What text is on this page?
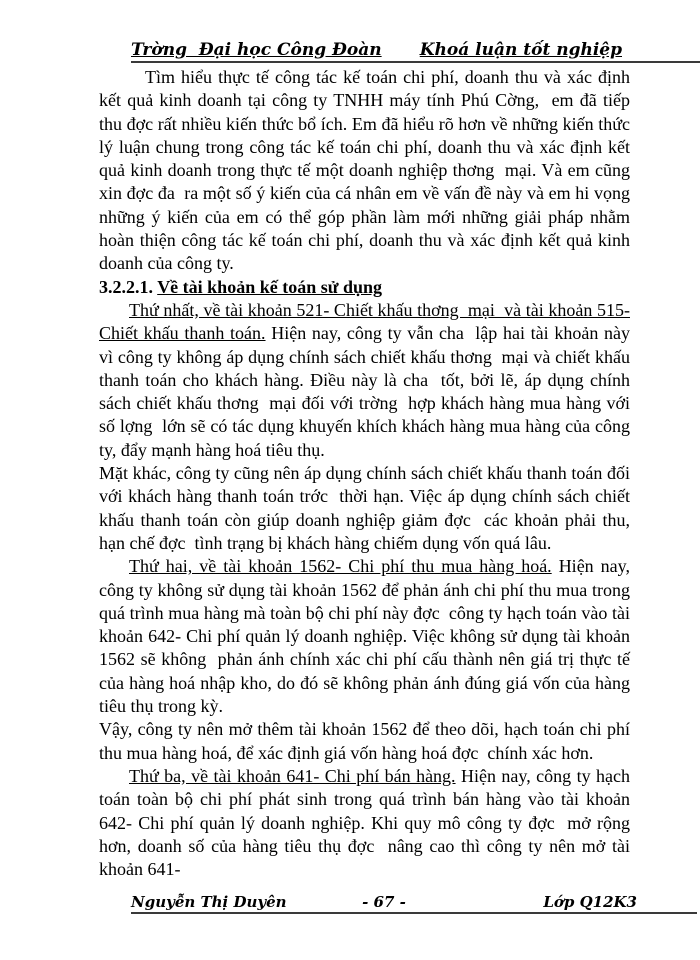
Trờng  Đại học Công Đoàn Khoá luận tốt nghiệp

Tìm hiểu thực tế công tác kế toán chi phí, doanh thu và xác định kết quả kinh doanh tại công ty TNHH máy tính Phú Cờng,  em đã tiếp thu đợc rất nhiều kiến thức bổ ích. Em đã hiểu rõ hơn về những kiến thức lý luận chung trong công tác kế toán chi phí, doanh thu và xác định kết quả kinh doanh trong thực tế một doanh nghiệp thơng  mại. Và em cũng xin đợc đa  ra một số ý kiến của cá nhân em về vấn đề này và em hi vọng những ý kiến của em có thể góp phần làm mới những giải pháp nhằm hoàn thiện công tác kế toán chi phí, doanh thu và xác định kết quả kinh doanh của công ty.

3.2.2.1. Về tài khoản kế toán sử dụng

Thứ nhất, về tài khoản 521- Chiết khấu thơng  mại  và tài khoản 515- Chiết khấu thanh toán. Hiện nay, công ty vẫn cha  lập hai tài khoản này vì công ty không áp dụng chính sách chiết khấu thơng  mại và chiết khấu thanh toán cho khách hàng. Điều này là cha  tốt, bởi lẽ, áp dụng chính sách chiết khấu thơng  mại đối với trờng  hợp khách hàng mua hàng với số lợng  lớn sẽ có tác dụng khuyến khích khách hàng mua hàng của công ty, đẩy mạnh hàng hoá tiêu thụ.

Mặt khác, công ty cũng nên áp dụng chính sách chiết khấu thanh toán đối với khách hàng thanh toán trớc  thời hạn. Việc áp dụng chính sách chiết khấu thanh toán còn giúp doanh nghiệp giảm đợc  các khoản phải thu, hạn chế đợc  tình trạng bị khách hàng chiếm dụng vốn quá lâu.

Thứ hai, về tài khoản 1562- Chi phí thu mua hàng hoá. Hiện nay, công ty không sử dụng tài khoản 1562 để phản ánh chi phí thu mua trong quá trình mua hàng mà toàn bộ chi phí này đợc  công ty hạch toán vào tài khoản 642- Chi phí quản lý doanh nghiệp. Việc không sử dụng tài khoản 1562 sẽ không  phản ánh chính xác chi phí cấu thành nên giá trị thực tế của hàng hoá nhập kho, do đó sẽ không phản ánh đúng giá vốn của hàng tiêu thụ trong kỳ.

Vậy, công ty nên mở thêm tài khoản 1562 để theo dõi, hạch toán chi phí thu mua hàng hoá, để xác định giá vốn hàng hoá đợc  chính xác hơn.

Thứ ba, về tài khoản 641- Chi phí bán hàng. Hiện nay, công ty hạch toán toàn bộ chi phí phát sinh trong quá trình bán hàng vào tài khoản 642- Chi phí quản lý doanh nghiệp. Khi quy mô công ty đợc  mở rộng hơn, doanh số của hàng tiêu thụ đợc  nâng cao thì công ty nên mở tài khoản 641-

Nguyễn Thị Duyên	- 67 -	Lớp Q12K3
